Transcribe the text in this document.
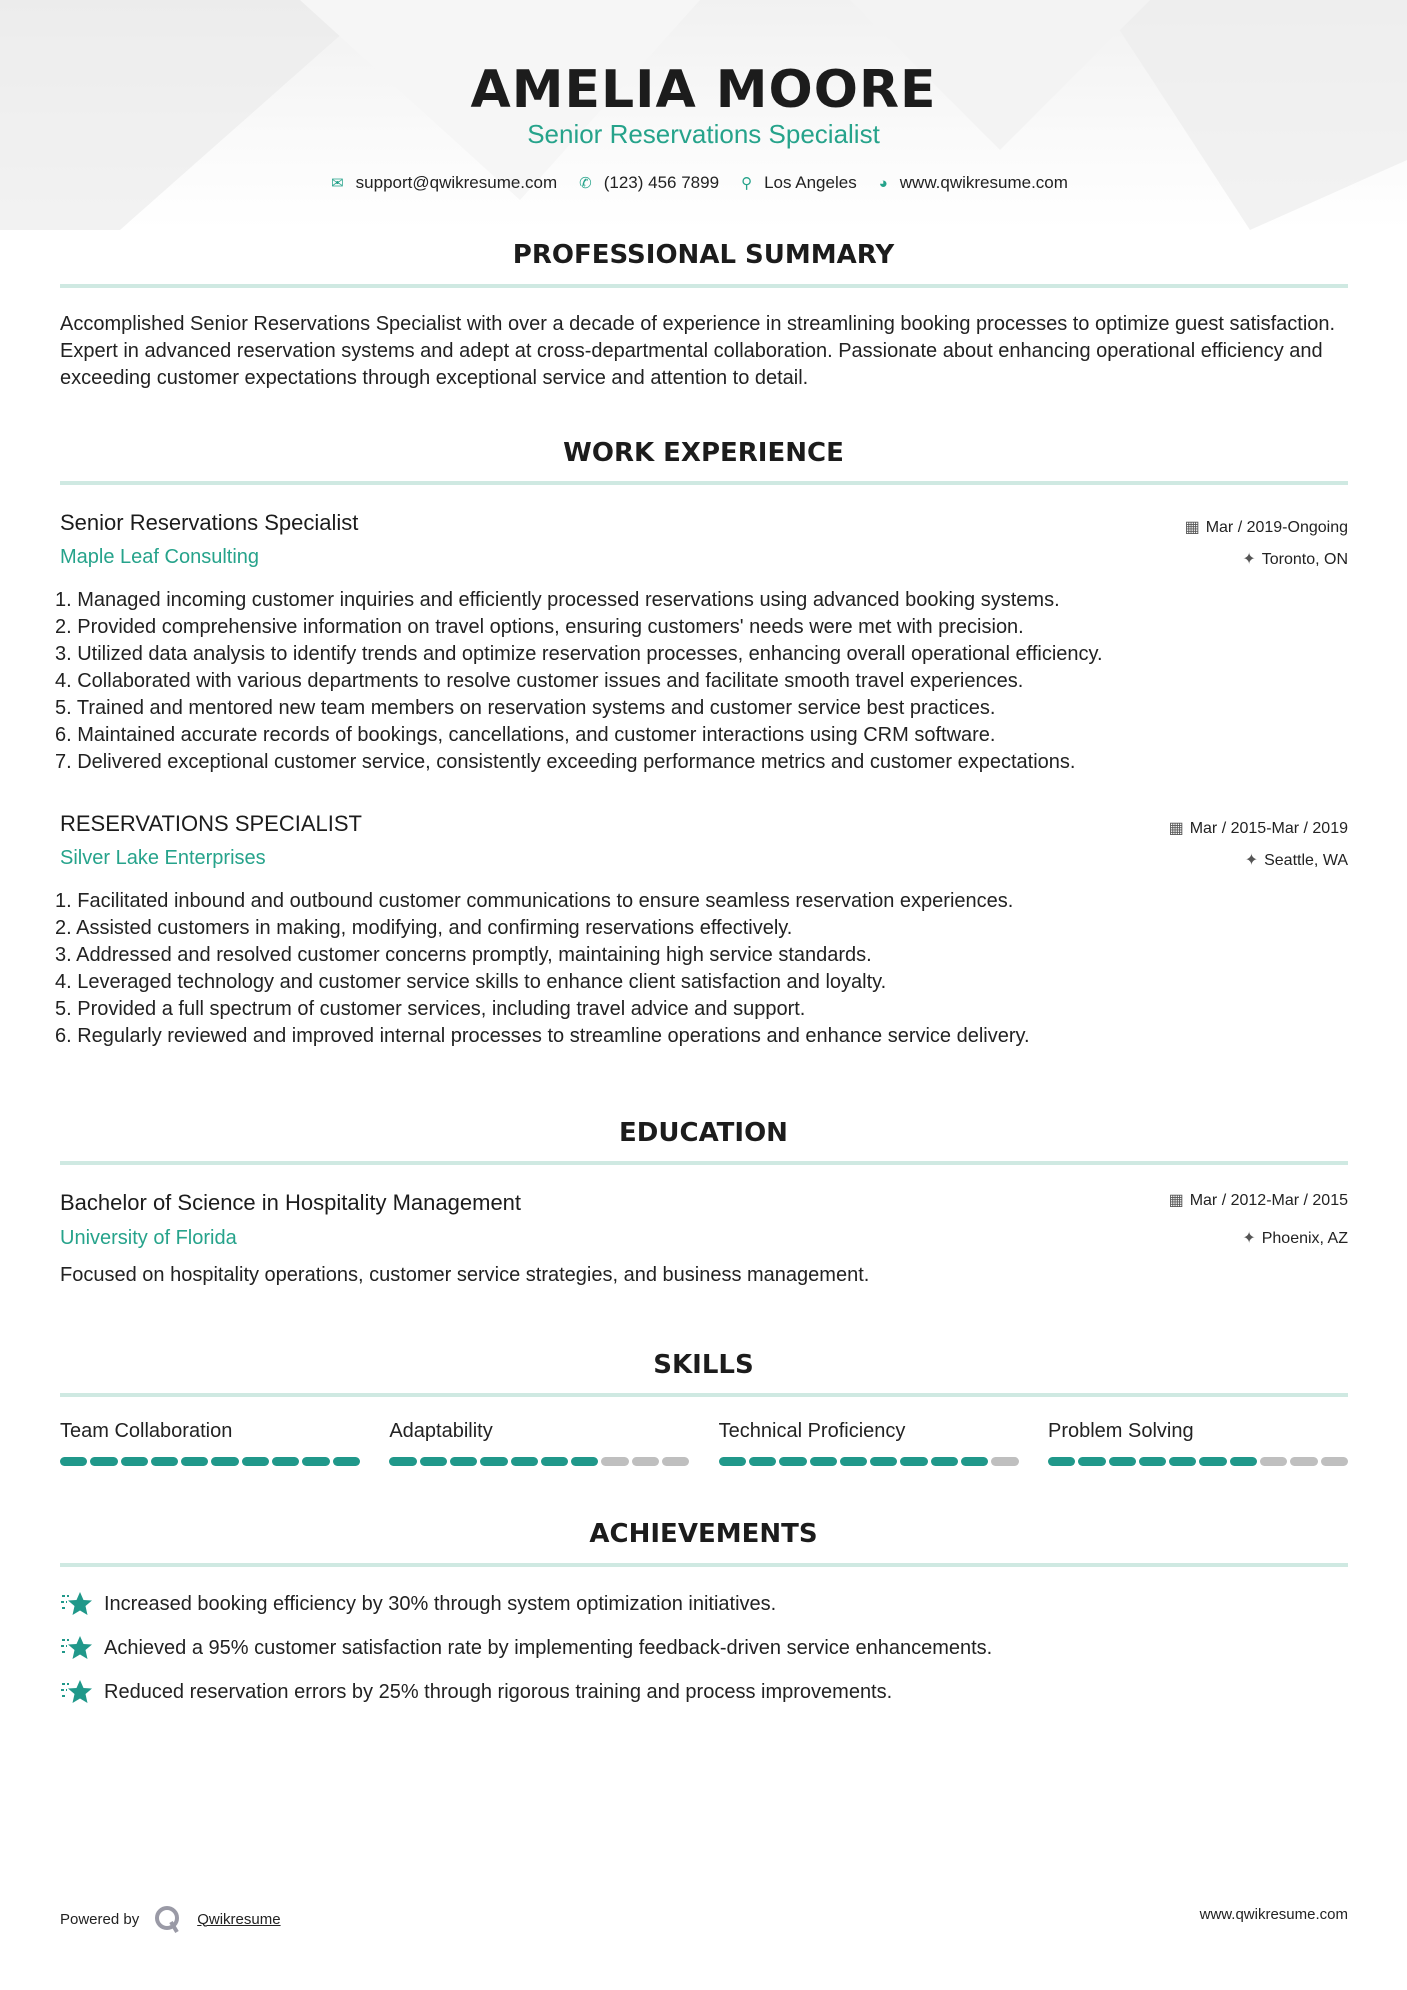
AMELIA MOORE
Senior Reservations Specialist
✉ support@qwikresume.com ✆ (123) 456 7899 ⚲ Los Angeles ◕ www.qwikresume.com
PROFESSIONAL SUMMARY
Accomplished Senior Reservations Specialist with over a decade of experience in streamlining booking processes to optimize guest satisfaction. Expert in advanced reservation systems and adept at cross-departmental collaboration. Passionate about enhancing operational efficiency and exceeding customer expectations through exceptional service and attention to detail.
WORK EXPERIENCE
Senior Reservations Specialist
Maple Leaf Consulting
▦ Mar / 2019-Ongoing
✦ Toronto, ON
1. Managed incoming customer inquiries and efficiently processed reservations using advanced booking systems.
2. Provided comprehensive information on travel options, ensuring customers' needs were met with precision.
3. Utilized data analysis to identify trends and optimize reservation processes, enhancing overall operational efficiency.
4. Collaborated with various departments to resolve customer issues and facilitate smooth travel experiences.
5. Trained and mentored new team members on reservation systems and customer service best practices.
6. Maintained accurate records of bookings, cancellations, and customer interactions using CRM software.
7. Delivered exceptional customer service, consistently exceeding performance metrics and customer expectations.
RESERVATIONS SPECIALIST
Silver Lake Enterprises
▦ Mar / 2015-Mar / 2019
✦ Seattle, WA
1. Facilitated inbound and outbound customer communications to ensure seamless reservation experiences.
2. Assisted customers in making, modifying, and confirming reservations effectively.
3. Addressed and resolved customer concerns promptly, maintaining high service standards.
4. Leveraged technology and customer service skills to enhance client satisfaction and loyalty.
5. Provided a full spectrum of customer services, including travel advice and support.
6. Regularly reviewed and improved internal processes to streamline operations and enhance service delivery.
EDUCATION
Bachelor of Science in Hospitality Management
University of Florida
▦ Mar / 2012-Mar / 2015
✦ Phoenix, AZ
Focused on hospitality operations, customer service strategies, and business management.
SKILLS
Team Collaboration	Adaptability	Technical Proficiency	Problem Solving
ACHIEVEMENTS
Increased booking efficiency by 30% through system optimization initiatives.
Achieved a 95% customer satisfaction rate by implementing feedback-driven service enhancements.
Reduced reservation errors by 25% through rigorous training and process improvements.
Powered by	Qwikresume	www.qwikresume.com
